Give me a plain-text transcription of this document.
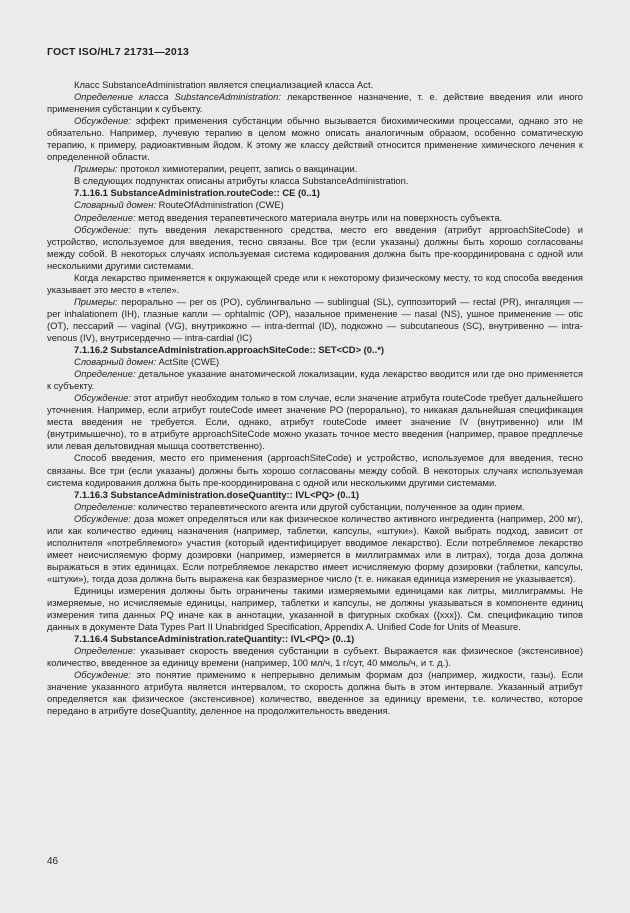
ГОСТ ISO/HL7 21731—2013

Класс SubstanceAdministration является специализацией класса Act.

Определение класса SubstanceAdministration: лекарственное назначение, т. е. действие введения или иного применения субстанции к субъекту.

Обсуждение: эффект применения субстанции обычно вызывается биохимическими процессами, однако это не обязательно. Например, лучевую терапию в целом можно описать аналогичным образом, особенно соматическую терапию, к примеру, радиоактивным йодом. К этому же классу действий относится применение химического лечения к определенной области.

Примеры: протокол химиотерапии, рецепт, запись о вакцинации.

В следующих подпунктах описаны атрибуты класса SubstanceAdministration.

7.1.16.1 SubstanceAdministration.routeCode:: CE (0..1)

Словарный домен: RouteOfAdministration (CWE)

Определение: метод введения терапевтического материала внутрь или на поверхность субъекта.

Обсуждение: путь введения лекарственного средства, место его введения (атрибут approachSiteCode) и устройство, используемое для введения, тесно связаны. Все три (если указаны) должны быть хорошо согласованы между собой. В некоторых случаях используемая система кодирования должна быть пре-координирована с одной или несколькими другими системами.

Когда лекарство применяется к окружающей среде или к некоторому физическому месту, то код способа введения указывает это место в «теле».

Примеры: перорально — per os (PO), сублингвально — sublingual (SL), суппозиторий — rectal (PR), ингаляция — per inhalationem (IH), глазные капли — ophtalmic (OP), назальное применение — nasal (NS), ушное применение — otic (OT), пессарий — vaginal (VG), внутрикожно — intra-dermal (ID), подкожно — subcutaneous (SC), внутривенно — intra-venous (IV), внутрисердечно — intra-cardial (IC)

7.1.16.2 SubstanceAdministration.approachSiteCode:: SET<CD> (0..*)

Словарный домен: ActSite (CWE)

Определение: детальное указание анатомической локализации, куда лекарство вводится или где оно применяется к субъекту.

Обсуждение: этот атрибут необходим только в том случае, если значение атрибута routeCode требует дальнейшего уточнения. Например, если атрибут routeCode имеет значение PO (перорально), то никакая дальнейшая спецификация места введения не требуется. Если, однако, атрибут routeCode имеет значение IV (внутривенно) или IM (внутримышечно), то в атрибуте approachSiteCode можно указать точное место введения (например, правое предплечье или левая дельтовидная мышца соответственно).

Способ введения, место его применения (approachSiteCode) и устройство, используемое для введения, тесно связаны. Все три (если указаны) должны быть хорошо согласованы между собой. В некоторых случаях используемая система кодирования должна быть пре-координирована с одной или несколькими другими системами.

7.1.16.3 SubstanceAdministration.doseQuantity:: IVL<PQ> (0..1)

Определение: количество терапевтического агента или другой субстанции, полученное за один прием.

Обсуждение: доза может определяться или как физическое количество активного ингредиента (например, 200 мг), или как количество единиц назначения (например, таблетки, капсулы, «штуки»). Какой выбрать подход, зависит от исполнителя «потребляемого» участия (который идентифицирует вводимое лекарство). Если потребляемое лекарство имеет неисчисляемую форму дозировки (например, измеряется в миллиграммах или в литрах), тогда доза должна выражаться в этих единицах. Если потребляемое лекарство имеет исчисляемую форму дозировки (таблетки, капсулы, «штуки»), тогда доза должна быть выражена как безразмерное число (т. е. никакая единица измерения не указывается).

Единицы измерения должны быть ограничены такими измеряемыми единицами как литры, миллиграммы. Не измеряемые, но исчисляемые единицы, например, таблетки и капсулы, не должны указываться в компоненте единиц измерения типа данных PQ иначе как в аннотации, указанной в фигурных скобках ({xxx}). См. спецификацию типов данных в документе Data Types Part II Unabridged Specification, Appendix A. Unified Code for Units of Measure.

7.1.16.4 SubstanceAdministration.rateQuantity:: IVL<PQ> (0..1)

Определение: указывает скорость введения субстанции в субъект. Выражается как физическое (экстенсивное) количество, введенное за единицу времени (например, 100 мл/ч, 1 г/сут, 40 ммоль/ч, и т. д.).

Обсуждение: это понятие применимо к непрерывно делимым формам доз (например, жидкости, газы). Если значение указанного атрибута является интервалом, то скорость должна быть в этом интервале. Указанный атрибут определяется как физическое (экстенсивное) количество, введенное за единицу времени, т.е. количество, которое передано в атрибуте doseQuantity, деленное на продолжительность введения.

46
